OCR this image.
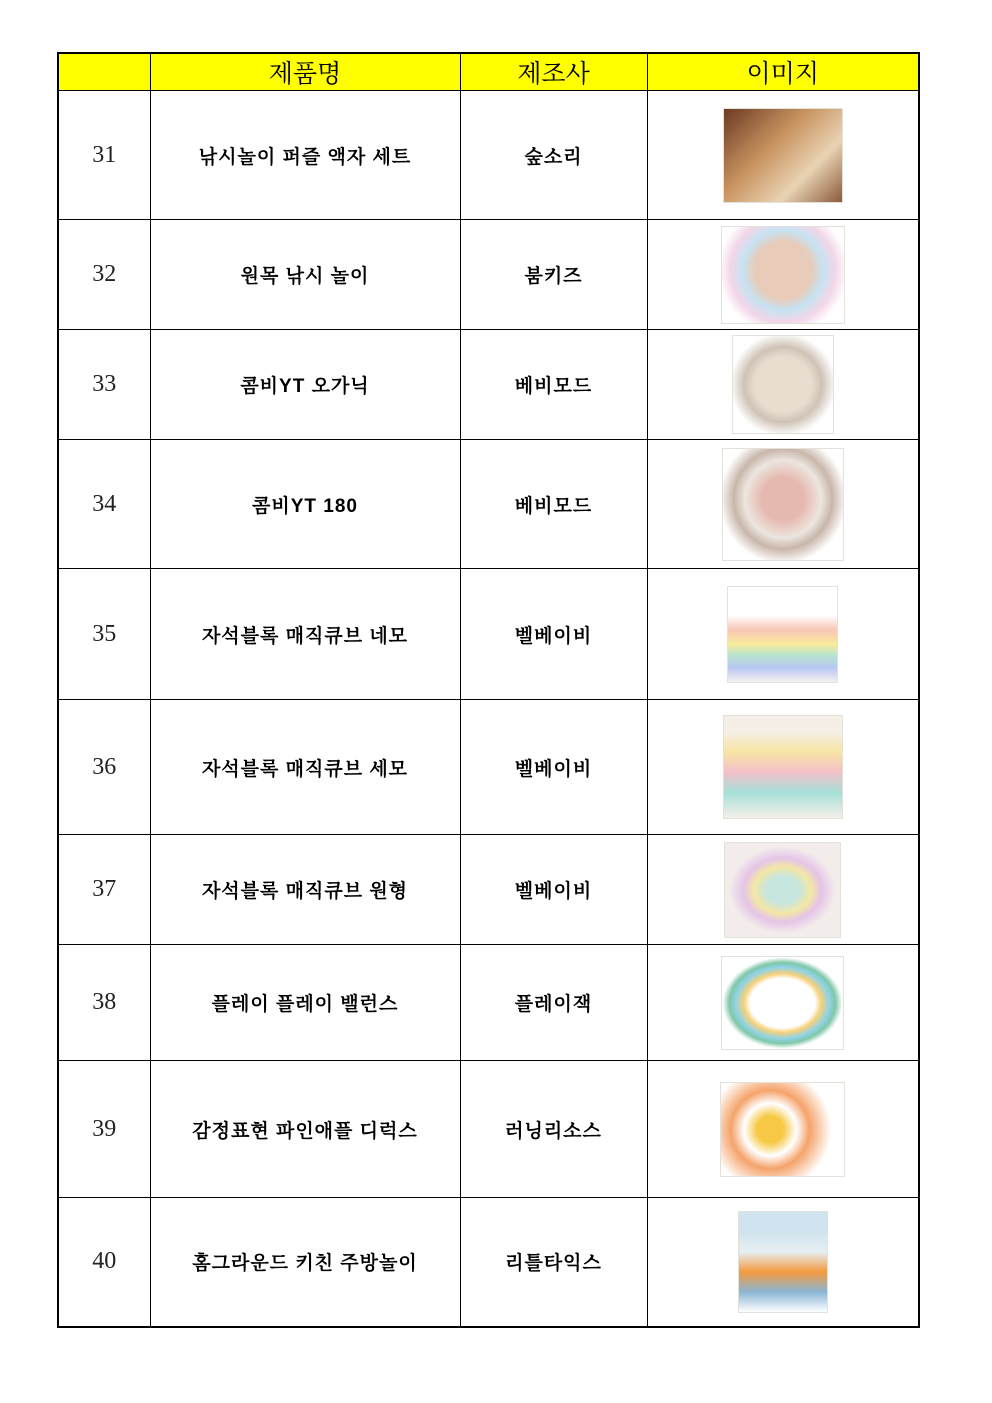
	제품명	제조사	이미지
31	낚시놀이 퍼즐 액자 세트	숲소리	
32	원목 낚시 놀이	붐키즈	
33	콤비YT 오가닉	베비모드	
34	콤비YT 180	베비모드	
35	자석블록 매직큐브 네모	벨베이비	
36	자석블록 매직큐브 세모	벨베이비	
37	자석블록 매직큐브 원형	벨베이비	
38	플레이 플레이 밸런스	플레이잭	
39	감정표현 파인애플 디럭스	러닝리소스	
40	홈그라운드 키친 주방놀이	리틀타익스	
